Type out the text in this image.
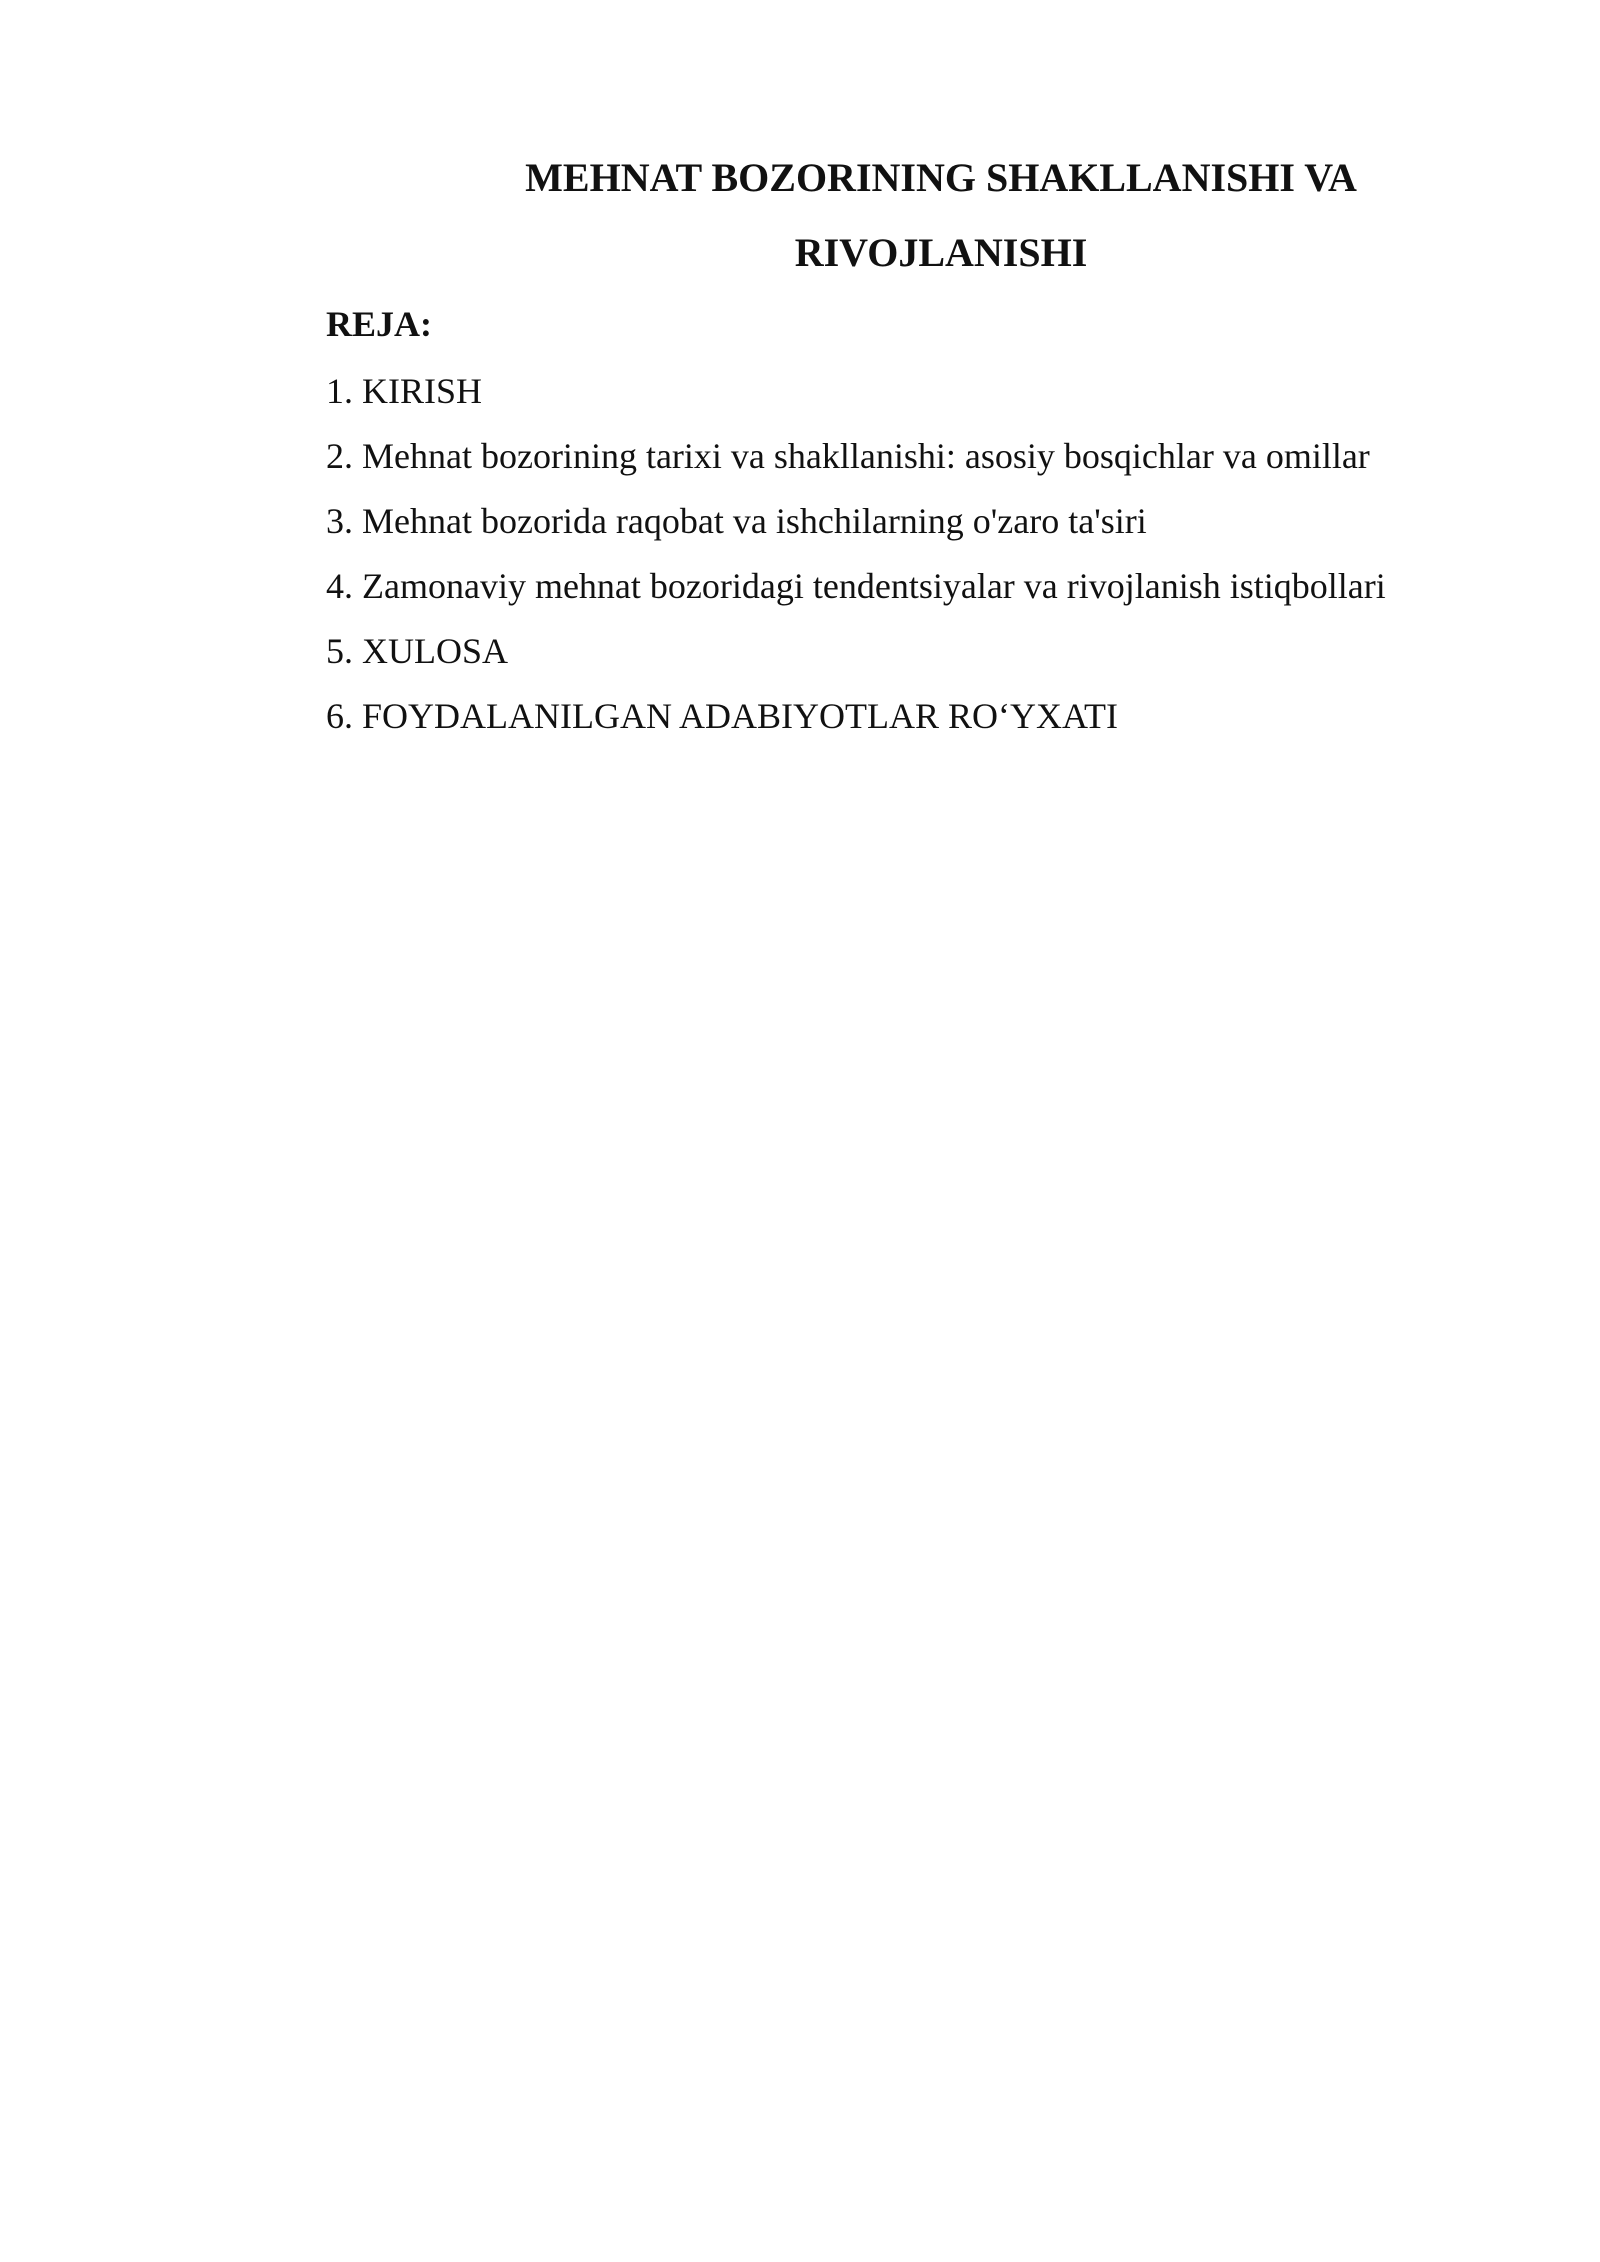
MEHNAT BOZORINING SHAKLLANISHI VA
RIVOJLANISHI

REJA:

1. KIRISH
2. Mehnat bozorining tarixi va shakllanishi: asosiy bosqichlar va omillar
3. Mehnat bozorida raqobat va ishchilarning o'zaro ta'siri
4. Zamonaviy mehnat bozoridagi tendentsiyalar va rivojlanish istiqbollari
5. XULOSA
6. FOYDALANILGAN ADABIYOTLAR RO‘YXATI
